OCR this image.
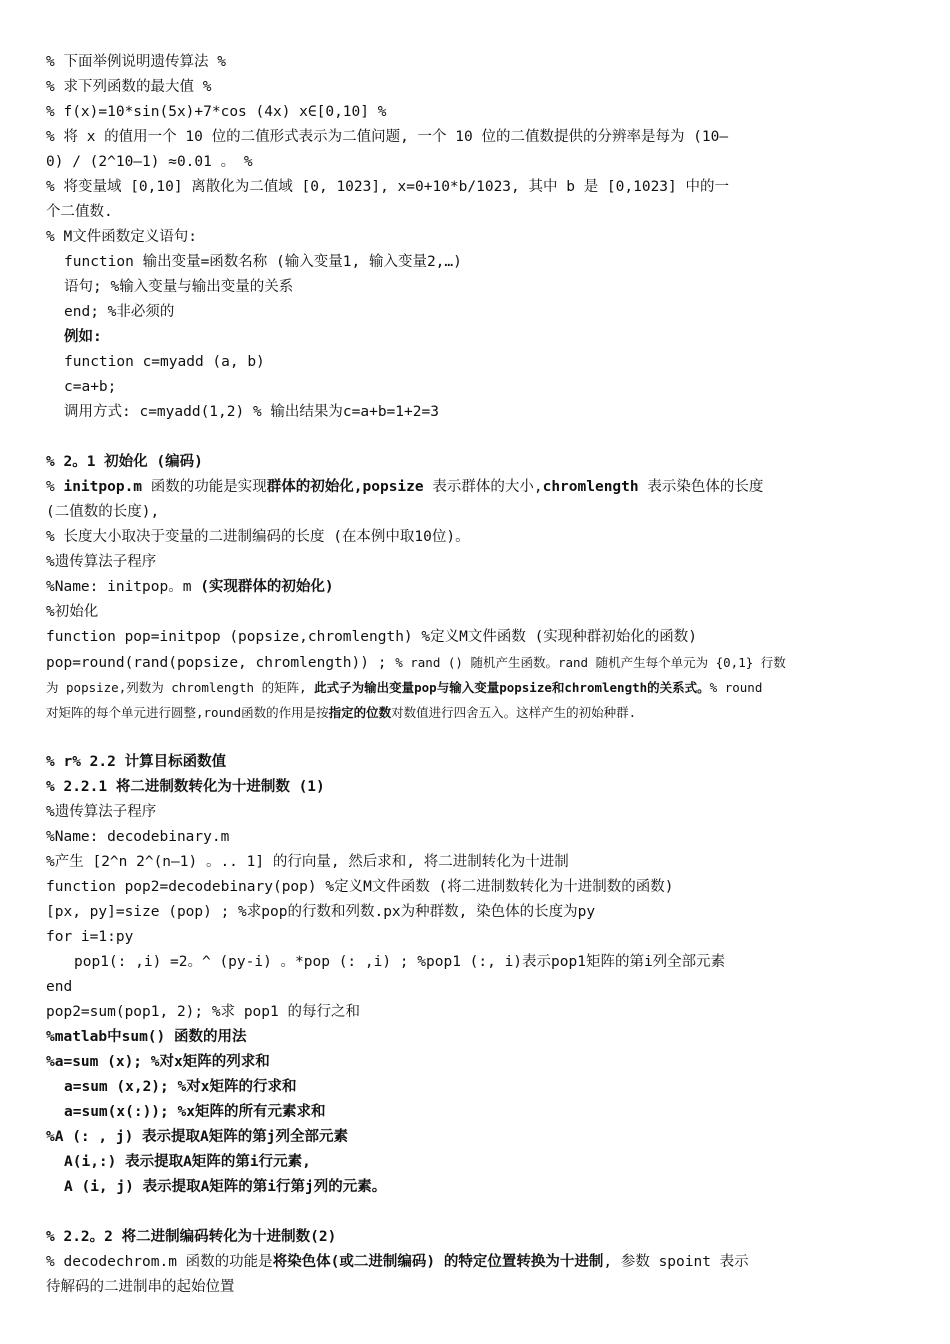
% 下面举例说明遗传算法 %
% 求下列函数的最大值 %
% f(x)=10*sin(5x)+7*cos (4x) x∈[0,10] %
% 将 x 的值用一个 10 位的二值形式表示为二值问题, 一个 10 位的二值数提供的分辨率是每为 (10—
0) / (2^10—1) ≈0.01 。 %
% 将变量域 [0,10] 离散化为二值域 [0, 1023], x=0+10*b/1023, 其中 b 是 [0,1023] 中的一
个二值数.
% M文件函数定义语句:
function 输出变量=函数名称 (输入变量1, 输入变量2,…)
语句; %输入变量与输出变量的关系
end; %非必须的
例如:
function c=myadd (a, b)
c=a+b;
调用方式: c=myadd(1,2) % 输出结果为c=a+b=1+2=3
% 2。1 初始化 (编码)
% initpop.m 函数的功能是实现群体的初始化,popsize 表示群体的大小,chromlength 表示染色体的长度
(二值数的长度),
% 长度大小取决于变量的二进制编码的长度 (在本例中取10位)。
%遗传算法子程序
%Name: initpop。m (实现群体的初始化)
%初始化
function pop=initpop (popsize,chromlength) %定义M文件函数 (实现种群初始化的函数)
pop=round(rand(popsize, chromlength)) ; % rand () 随机产生函数。rand 随机产生每个单元为 {0,1} 行数
为 popsize,列数为 chromlength 的矩阵, 此式子为输出变量pop与输入变量popsize和chromlength的关系式。% round
对矩阵的每个单元进行圆整,round函数的作用是按指定的位数对数值进行四舍五入。这样产生的初始种群.
% r% 2.2 计算目标函数值
% 2.2.1 将二进制数转化为十进制数 (1)
%遗传算法子程序
%Name: decodebinary.m
%产生 [2^n 2^(n—1) 。.. 1] 的行向量, 然后求和, 将二进制转化为十进制
function pop2=decodebinary(pop) %定义M文件函数 (将二进制数转化为十进制数的函数)
[px, py]=size (pop) ; %求pop的行数和列数.px为种群数, 染色体的长度为py
for i=1:py
pop1(: ,i) =2。^ (py-i) 。*pop (: ,i) ; %pop1 (:, i)表示pop1矩阵的第i列全部元素
end
pop2=sum(pop1, 2); %求 pop1 的每行之和
%matlab中sum() 函数的用法
%a=sum (x); %对x矩阵的列求和
a=sum (x,2); %对x矩阵的行求和
a=sum(x(:)); %x矩阵的所有元素求和
%A (: , j) 表示提取A矩阵的第j列全部元素
A(i,:) 表示提取A矩阵的第i行元素,
A (i, j) 表示提取A矩阵的第i行第j列的元素。
% 2.2。2 将二进制编码转化为十进制数(2)
% decodechrom.m 函数的功能是将染色体(或二进制编码) 的特定位置转换为十进制, 参数 spoint 表示
待解码的二进制串的起始位置
